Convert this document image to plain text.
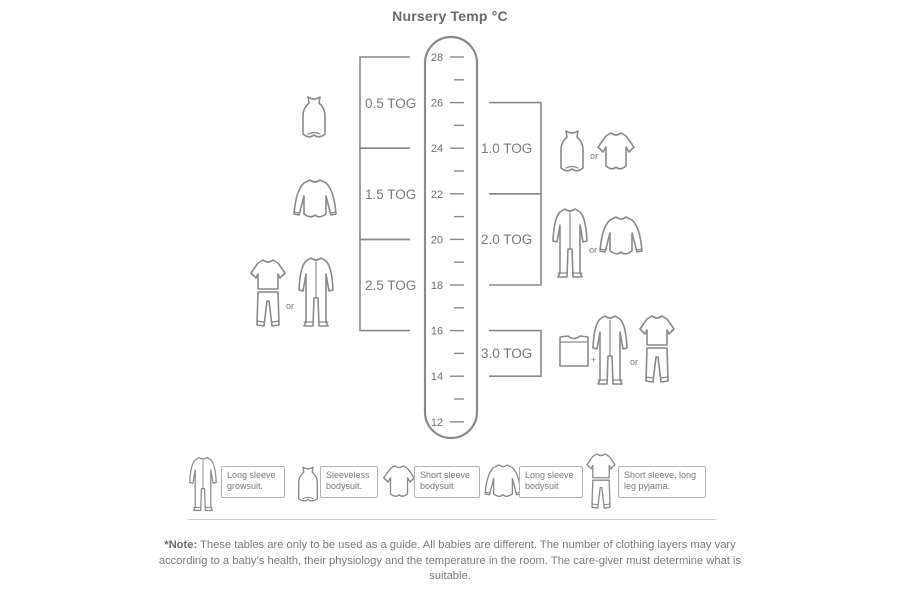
Nursery Temp °C
28
26
24
22
20
18
16
14
12
0.5 TOG
1.5 TOG
2.5 TOG
1.0 TOG
2.0 TOG
3.0 TOG
or
or
or
+	or
Long sleeve growsuit.
Sleeveless bodysuit.
Short sleeve bodysuit
Long sleeve bodysuit
Short sleeve, long leg pyjama.
*Note: These tables are only to be used as a guide. All babies are different. The number of clothing layers may vary according to a baby’s health, their physiology and the temperature in the room. The care-giver must determine what is suitable.
